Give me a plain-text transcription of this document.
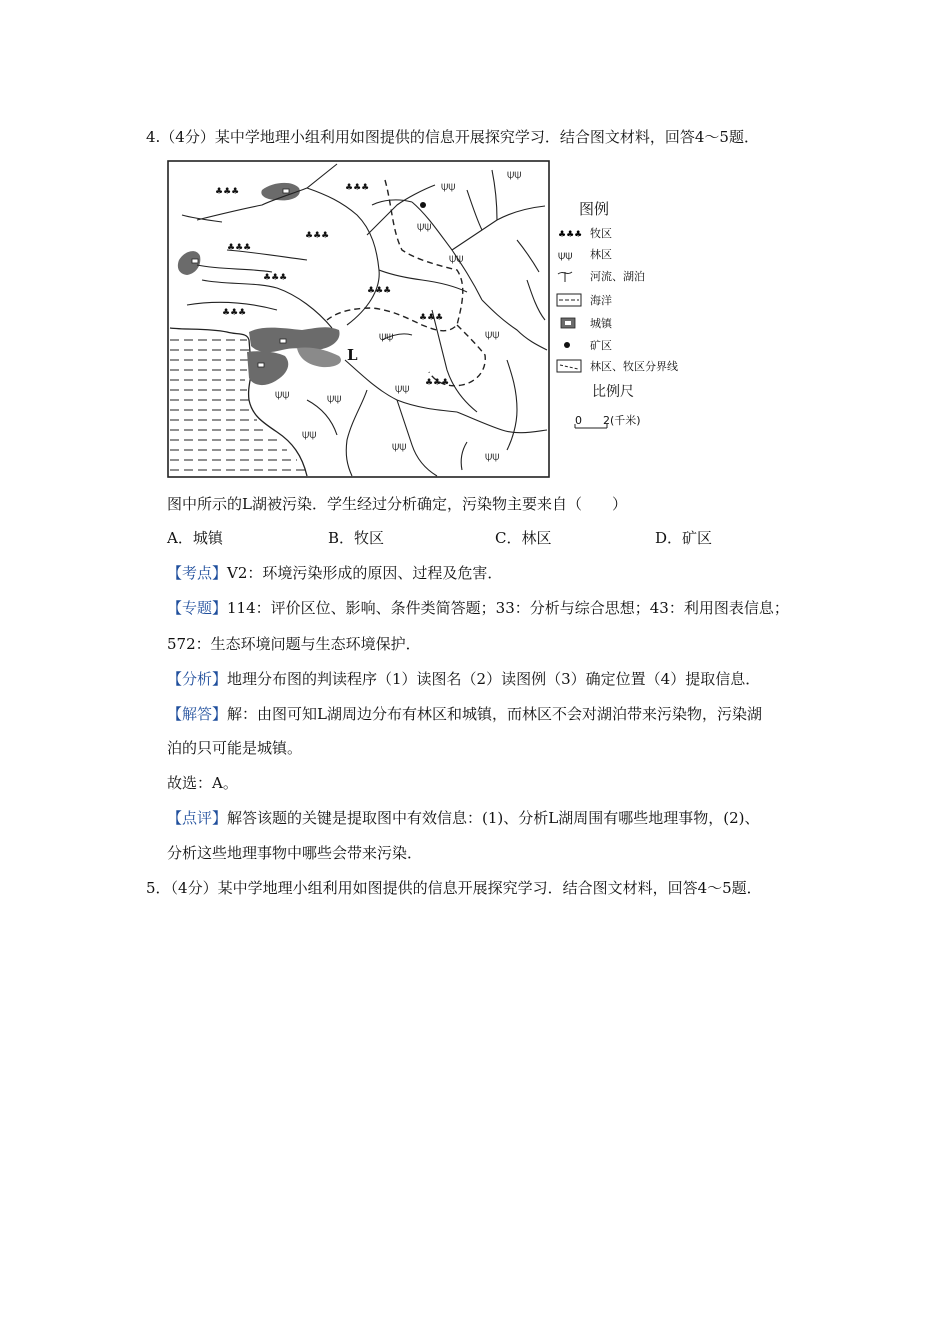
4.（4分）某中学地理小组利用如图提供的信息开展探究学习．结合图文材料，回答4～5题．
♣♣♣	♣♣♣
♣♣♣
♣♣♣
♣♣♣
♣♣♣
♣♣♣
♣♣♣
♣♣♣
⍦⍦
⍦⍦
⍦⍦
⍦⍦
⍦⍦	⍦⍦
⍦⍦
⍦⍦	⍦⍦
⍦⍦
⍦⍦
⍦⍦
L
图例
♣♣♣ 牧区
⍦⍦ 林区
河流、湖泊
海洋
城镇
矿区
林区、牧区分界线
比例尺
0 2(千米)
图中所示的L湖被污染．学生经过分析确定，污染物主要来自（　　）
A．城镇	B．牧区	C．林区	D．矿区
【考点】V2：环境污染形成的原因、过程及危害．
【专题】114：评价区位、影响、条件类简答题；33：分析与综合思想；43：利用图表信息；
572：生态环境问题与生态环境保护．
【分析】地理分布图的判读程序（1）读图名（2）读图例（3）确定位置（4）提取信息．
【解答】解：由图可知L湖周边分布有林区和城镇，而林区不会对湖泊带来污染物，污染湖
泊的只可能是城镇。
故选：A。
【点评】解答该题的关键是提取图中有效信息：(1)、分析L湖周围有哪些地理事物，(2)、
分析这些地理事物中哪些会带来污染．
5．（4分）某中学地理小组利用如图提供的信息开展探究学习．结合图文材料，回答4～5题．
